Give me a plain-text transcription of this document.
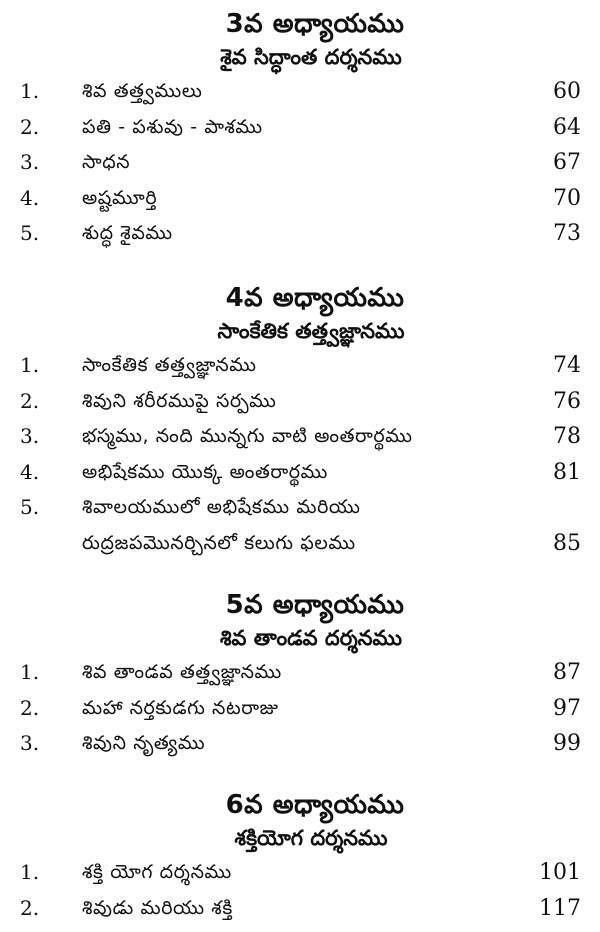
3వ అధ్యాయము
శైవ సిద్ధాంత దర్శనము
1. శివ తత్త్వములు	60
2. పతి - పశువు - పాశము	64
3. సాధన	67
4. అష్టమూర్తి	70
5. శుద్ధ శైవము	73
4వ అధ్యాయము
సాంకేతిక తత్త్వజ్ఞానము
1. సాంకేతిక తత్త్వజ్ఞానము	74
2. శివుని శరీరముపై సర్పము	76
3. భస్మము, నంది మున్నగు వాటి అంతరార్థము	78
4. అభిషేకము యొక్క అంతరార్థము	81
5. శివాలయములో అభిషేకము మరియు
రుద్రజపమొనర్చినలో కలుగు ఫలము	85
5వ అధ్యాయము
శివ తాండవ దర్శనము
1. శివ తాండవ తత్త్వజ్ఞానము	87
2. మహా నర్తకుడగు నటరాజు	97
3. శివుని నృత్యము	99
6వ అధ్యాయము
శక్తియోగ దర్శనము
1. శక్తి యోగ దర్శనము	101
2. శివుడు మరియు శక్తి	117
